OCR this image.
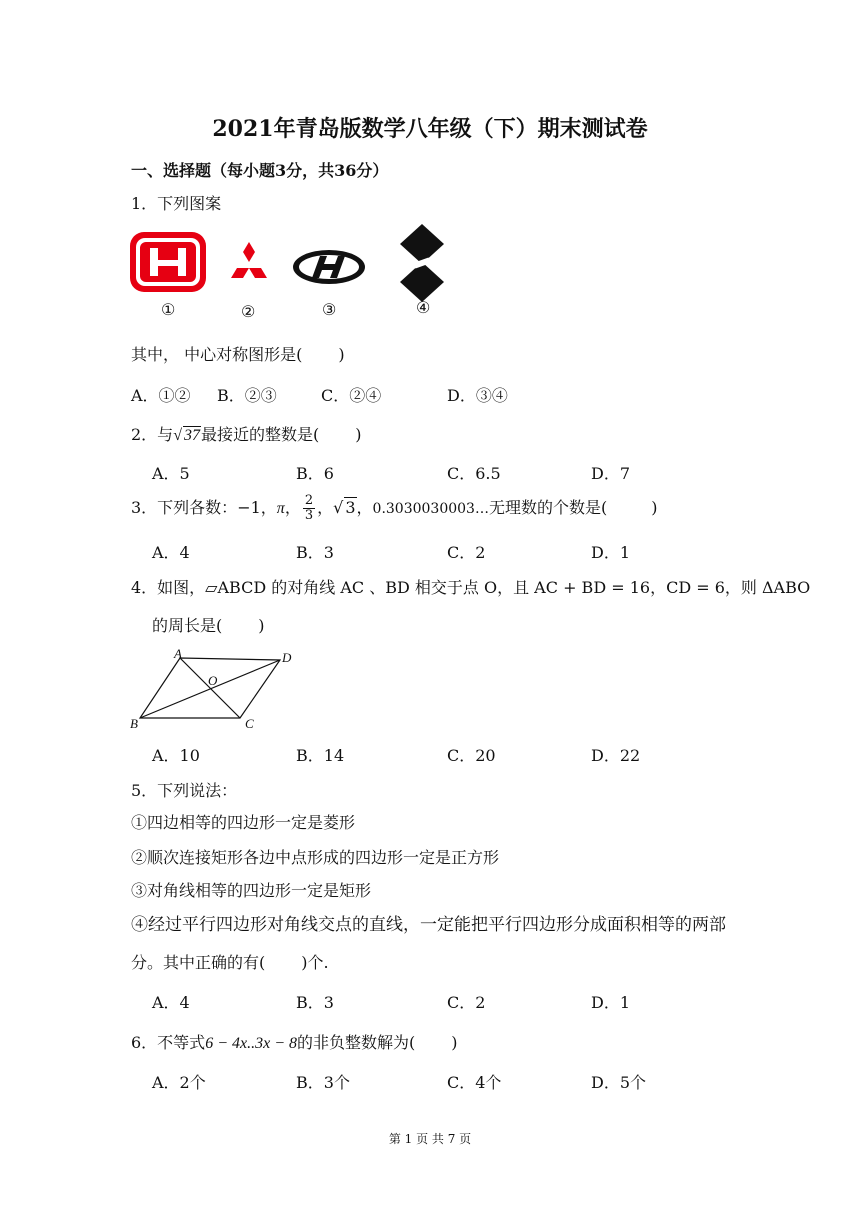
2021年青岛版数学八年级（下）期末测试卷
一、选择题（每小题3分，共36分）
1．下列图案
①	②	③	④
其中， 中心对称图形是( )
A．①② B．②③	C．②④	D．③④
2．与√ 37最接近的整数是( )
A．5	B．6	C．6.5	D．7
3．下列各数：−1，π， $\frac{2}{3}$ ，√ 3，0.3030030003…无理数的个数是(	)
A．4	B．3	C．2	D．1
4．如图，▱ABCD 的对角线 AC 、BD 相交于点 O，且 AC + BD = 16，CD = 6，则 ΔABO
的周长是( )
A	D
O
B	C
A．10	B．14	C．20	D．22
5．下列说法：
①四边相等的四边形一定是菱形
②顺次连接矩形各边中点形成的四边形一定是正方形
③对角线相等的四边形一定是矩形
④经过平行四边形对角线交点的直线，一定能把平行四边形分成面积相等的两部
分。其中正确的有( )个.
A．4	B．3	C．2	D．1
6．不等式6 − 4x..3x − 8的非负整数解为( )
A．2个	B．3个	C．4个	D．5个
第 1 页 共 7 页
